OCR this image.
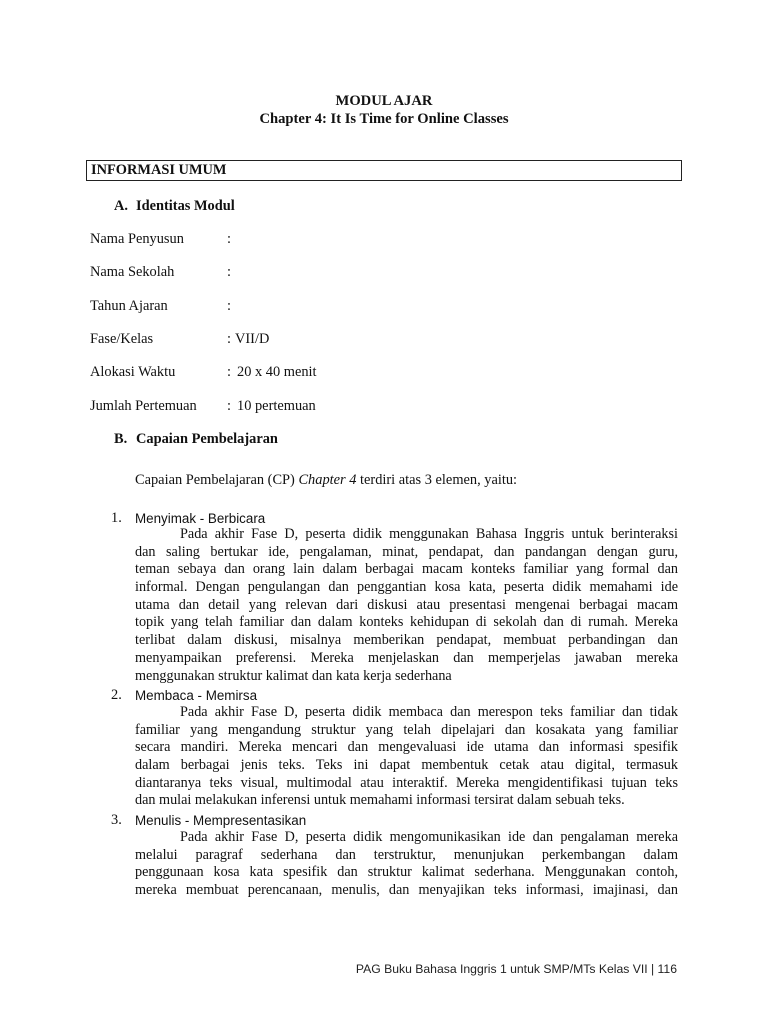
MODUL AJAR
Chapter 4: It Is Time for Online Classes
INFORMASI UMUM
A. Identitas Modul
Nama Penyusun	:
Nama Sekolah	:
Tahun Ajaran	:
Fase/Kelas	: VII/D
Alokasi Waktu	: 20 x 40 menit
Jumlah Pertemuan : 10 pertemuan
B. Capaian Pembelajaran
Capaian Pembelajaran (CP) Chapter 4 terdiri atas 3 elemen, yaitu:
1. Menyimak - Berbicara
Pada akhir Fase D, peserta didik menggunakan Bahasa Inggris untuk berinteraksi
dan saling bertukar ide, pengalaman, minat, pendapat, dan pandangan dengan guru,
teman sebaya dan orang lain dalam berbagai macam konteks familiar yang formal dan
informal. Dengan pengulangan dan penggantian kosa kata, peserta didik memahami ide
utama dan detail yang relevan dari diskusi atau presentasi mengenai berbagai macam
topik yang telah familiar dan dalam konteks kehidupan di sekolah dan di rumah. Mereka
terlibat dalam diskusi, misalnya memberikan pendapat, membuat perbandingan dan
menyampaikan preferensi. Mereka menjelaskan dan memperjelas jawaban mereka
menggunakan struktur kalimat dan kata kerja sederhana
2. Membaca - Memirsa
Pada akhir Fase D, peserta didik membaca dan merespon teks familiar dan tidak
familiar yang mengandung struktur yang telah dipelajari dan kosakata yang familiar
secara mandiri. Mereka mencari dan mengevaluasi ide utama dan informasi spesifik
dalam berbagai jenis teks. Teks ini dapat membentuk cetak atau digital, termasuk
diantaranya teks visual, multimodal atau interaktif. Mereka mengidentifikasi tujuan teks
dan mulai melakukan inferensi untuk memahami informasi tersirat dalam sebuah teks.
3. Menulis - Mempresentasikan
Pada akhir Fase D, peserta didik mengomunikasikan ide dan pengalaman mereka
melalui paragraf sederhana dan terstruktur, menunjukan perkembangan dalam
penggunaan kosa kata spesifik dan struktur kalimat sederhana. Menggunakan contoh,
mereka membuat perencanaan, menulis, dan menyajikan teks informasi, imajinasi, dan
PAG Buku Bahasa Inggris 1 untuk SMP/MTs Kelas VII | 116
